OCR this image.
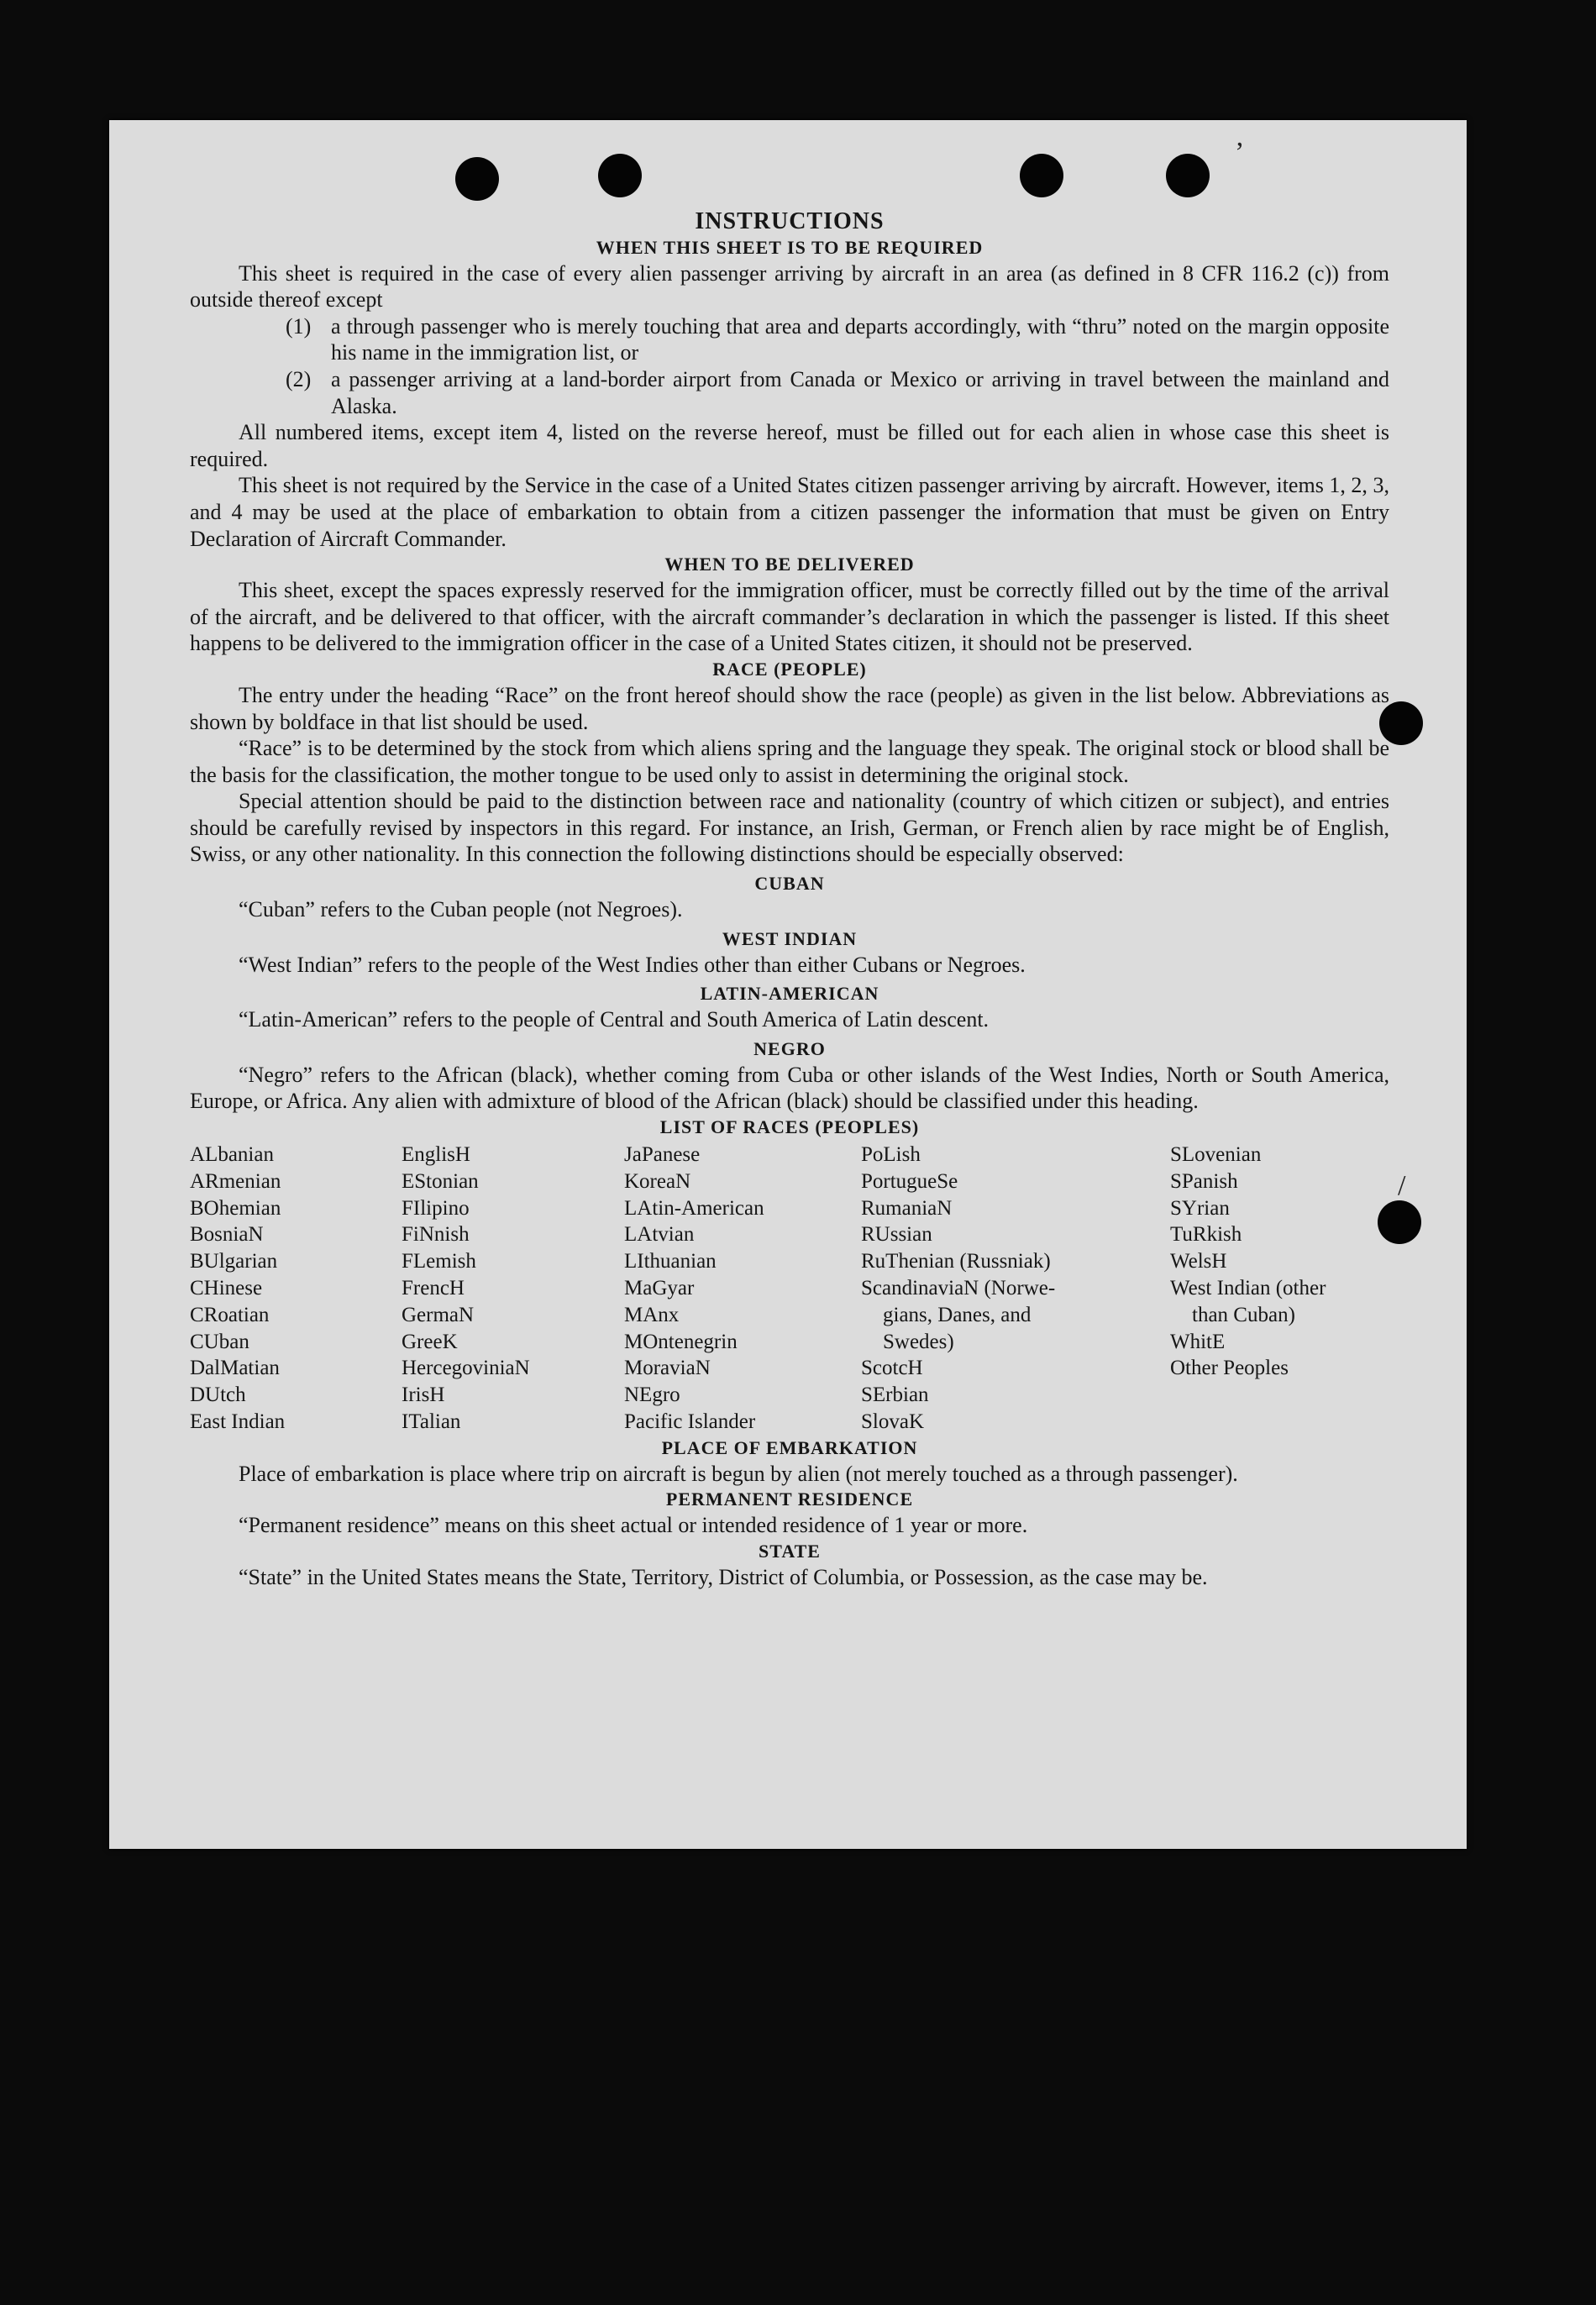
’
/
INSTRUCTIONS
WHEN THIS SHEET IS TO BE REQUIRED

This sheet is required in the case of every alien passenger arriving by aircraft in an area (as defined in 8 CFR 116.2 (c)) from outside thereof except

(1) a through passenger who is merely touching that area and departs accordingly, with “thru” noted on the margin opposite his name in the immigration list, or
(2) a passenger arriving at a land-border airport from Canada or Mexico or arriving in travel between the mainland and Alaska.

All numbered items, except item 4, listed on the reverse hereof, must be filled out for each alien in whose case this sheet is required.

This sheet is not required by the Service in the case of a United States citizen passenger arriving by aircraft. However, items 1, 2, 3, and 4 may be used at the place of embarkation to obtain from a citizen passenger the information that must be given on Entry Declaration of Aircraft Commander.

WHEN TO BE DELIVERED

This sheet, except the spaces expressly reserved for the immigration officer, must be correctly filled out by the time of the arrival of the aircraft, and be delivered to that officer, with the aircraft commander’s declaration in which the passenger is listed. If this sheet happens to be delivered to the immigration officer in the case of a United States citizen, it should not be preserved.

RACE (PEOPLE)

The entry under the heading “Race” on the front hereof should show the race (people) as given in the list below. Abbreviations as shown by boldface in that list should be used.

“Race” is to be determined by the stock from which aliens spring and the language they speak. The original stock or blood shall be the basis for the classification, the mother tongue to be used only to assist in determining the original stock.

Special attention should be paid to the distinction between race and nationality (country of which citizen or subject), and entries should be carefully revised by inspectors in this regard. For instance, an Irish, German, or French alien by race might be of English, Swiss, or any other nationality. In this connection the following distinctions should be especially observed:

CUBAN

“Cuban” refers to the Cuban people (not Negroes).

WEST INDIAN

“West Indian” refers to the people of the West Indies other than either Cubans or Negroes.

LATIN-AMERICAN

“Latin-American” refers to the people of Central and South America of Latin descent.

NEGRO

“Negro” refers to the African (black), whether coming from Cuba or other islands of the West Indies, North or South America, Europe, or Africa. Any alien with admixture of blood of the African (black) should be classified under this heading.

LIST OF RACES (PEOPLES)
ALbanian
ARmenian
BOhemian
BosniaN
BUlgarian
CHinese
CRoatian
CUban
DalMatian
DUtch
East Indian
EnglisH
EStonian
FIlipino
FiNnish
FLemish
FrencH
GermaN
GreeK
HercegoviniaN
IrisH
ITalian
JaPanese
KoreaN
LAtin-American
LAtvian
LIthuanian
MaGyar
MAnx
MOntenegrin
MoraviaN
NEgro
Pacific Islander
PoLish
PortugueSe
RumaniaN
RUssian
RuThenian (Russniak)
ScandinaviaN (Norwe-
gians, Danes, and
Swedes)
ScotcH
SErbian
SlovaK
SLovenian
SPanish
SYrian
TuRkish
WelsH
West Indian (other
than Cuban)
WhitE
Other Peoples
PLACE OF EMBARKATION

Place of embarkation is place where trip on aircraft is begun by alien (not merely touched as a through passenger).

PERMANENT RESIDENCE

“Permanent residence” means on this sheet actual or intended residence of 1 year or more.

STATE

“State” in the United States means the State, Territory, District of Columbia, or Possession, as the case may be.
